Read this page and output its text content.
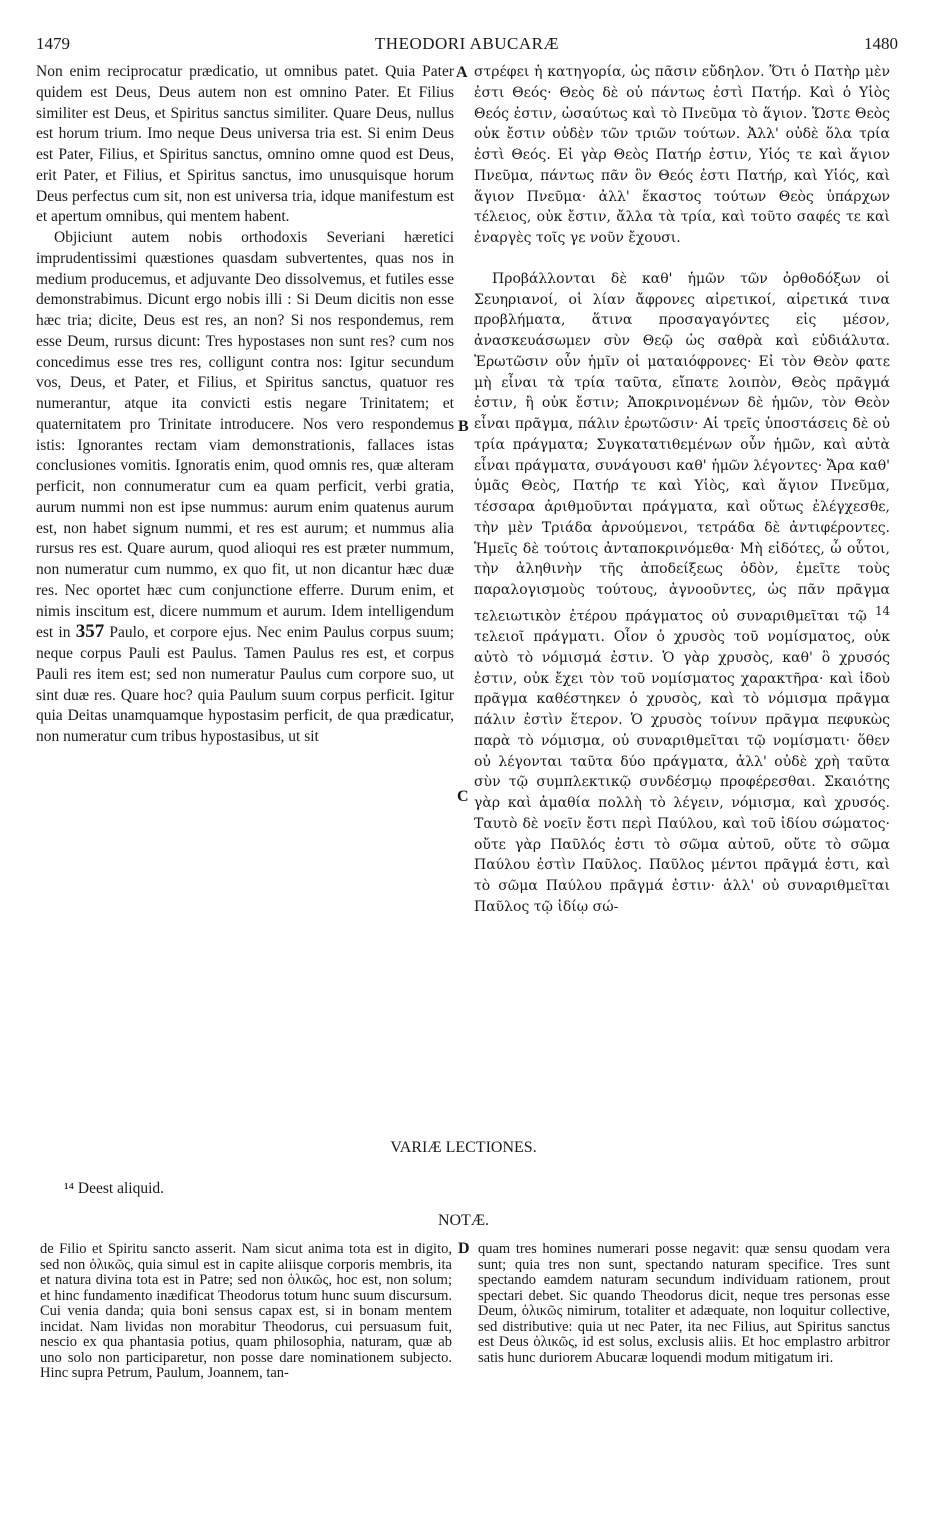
1479	THEODORI ABUCARÆ	1480

Non enim reciprocatur prædicatio, ut omnibus patet. Quia Pater quidem est Deus, Deus autem non est omnino Pater. Et Filius similiter est Deus, et Spiritus sanctus similiter. Quare Deus, nullus est horum trium. Imo neque Deus universa tria est. Si enim Deus est Pater, Filius, et Spiritus sanctus, omnino omne quod est Deus, erit Pater, et Filius, et Spiritus sanctus, imo unusquisque horum Deus perfectus cum sit, non est universa tria, idque manifestum est et apertum omnibus, qui mentem habent.

Objiciunt autem nobis orthodoxis Severiani hæretici imprudentissimi quæstiones quasdam subvertentes, quas nos in medium producemus, et adjuvante Deo dissolvemus, et futiles esse demonstrabimus. Dicunt ergo nobis illi : Si Deum dicitis non esse hæc tria; dicite, Deus est res, an non? Si nos respondemus, rem esse Deum, rursus dicunt: Tres hypostases non sunt res? cum nos concedimus esse tres res, colligunt contra nos: Igitur secundum vos, Deus, et Pater, et Filius, et Spiritus sanctus, quatuor res numerantur, atque ita convicti estis negare Trinitatem; et quaternitatem pro Trinitate introducere. Nos vero respondemus istis: Ignorantes rectam viam demonstrationis, fallaces istas conclusiones vomitis. Ignoratis enim, quod omnis res, quæ alteram perficit, non connumeratur cum ea quam perficit, verbi gratia, aurum nummi non est ipse nummus: aurum enim quatenus aurum est, non habet signum nummi, et res est aurum; et nummus alia rursus res est. Quare aurum, quod alioqui res est præter nummum, non numeratur cum nummo, ex quo fit, ut non dicantur hæc duæ res. Nec oportet hæc cum conjunctione efferre. Durum enim, et nimis inscitum est, dicere nummum et aurum. Idem intelligendum est in 357 Paulo, et corpore ejus. Nec enim Paulus corpus suum; neque corpus Pauli est Paulus. Tamen Paulus res est, et corpus Pauli res item est; sed non numeratur Paulus cum corpore suo, ut sint duæ res. Quare hoc? quia Paulum suum corpus perficit. Igitur quia Deitas unamquamque hypostasim perficit, de qua prædicatur, non numeratur cum tribus hypostasibus, ut sit

A
B
C
D

στρέφει ἡ κατηγορία, ὡς πᾶσιν εὔδηλον. Ὅτι ὁ Πατὴρ μὲν ἐστι Θεός· Θεὸς δὲ οὐ πάντως ἐστὶ Πατήρ. Καὶ ὁ Υἱὸς Θεός ἐστιν, ὡσαύτως καὶ τὸ Πνεῦμα τὸ ἅγιον. Ὥστε Θεὸς οὐκ ἔστιν οὐδὲν τῶν τριῶν τούτων. Ἀλλ' οὐδὲ ὅλα τρία ἐστὶ Θεός. Εἰ γὰρ Θεὸς Πατήρ ἐστιν, Υἱός τε καὶ ἅγιον Πνεῦμα, πάντως πᾶν ὃν Θεός ἐστι Πατήρ, καὶ Υἱός, καὶ ἅγιον Πνεῦμα· ἀλλ' ἕκαστος τούτων Θεὸς ὑπάρχων τέλειος, οὐκ ἔστιν, ἄλλα τὰ τρία, καὶ τοῦτο σαφές τε καὶ ἐναργὲς τοῖς γε νοῦν ἔχουσι.

Προβάλλονται δὲ καθ' ἡμῶν τῶν ὀρθοδόξων οἱ Σευηριανοί, οἱ λίαν ἄφρονες αἱρετικοί, αἱρετικά τινα προβλήματα, ἅτινα προσαγαγόντες εἰς μέσον, ἀνασκευάσωμεν σὺν Θεῷ ὡς σαθρὰ καὶ εὐδιάλυτα. Ἐρωτῶσιν οὖν ἡμῖν οἱ ματαιόφρονες· Εἰ τὸν Θεὸν φατε μὴ εἶναι τὰ τρία ταῦτα, εἴπατε λοιπὸν, Θεὸς πρᾶγμά ἐστιν, ἢ οὐκ ἔστιν; Ἀποκρινομένων δὲ ἡμῶν, τὸν Θεὸν εἶναι πρᾶγμα, πάλιν ἐρωτῶσιν· Αἱ τρεῖς ὑποστάσεις δὲ οὐ τρία πράγματα; Συγκατατιθεμένων οὖν ἡμῶν, καὶ αὐτὰ εἶναι πράγματα, συνάγουσι καθ' ἡμῶν λέγοντες· Ἄρα καθ' ὑμᾶς Θεὸς, Πατήρ τε καὶ Υἱὸς, καὶ ἅγιον Πνεῦμα, τέσσαρα ἀριθμοῦνται πράγματα, καὶ οὕτως ἐλέγχεσθε, τὴν μὲν Τριάδα ἀρνούμενοι, τετράδα δὲ ἀντιφέροντες. Ἡμεῖς δὲ τούτοις ἀνταποκρινόμεθα· Μὴ εἰδότες, ὦ οὗτοι, τὴν ἀληθινὴν τῆς ἀποδείξεως ὁδὸν, ἐμεῖτε τοὺς παραλογισμοὺς τούτους, ἀγνοοῦντες, ὡς πᾶν πρᾶγμα τελειωτικὸν ἑτέρου πράγματος οὐ συναριθμεῖται τῷ $^{14}$ τελειοῖ πράγματι. Οἷον ὁ χρυσὸς τοῦ νομίσματος, οὐκ αὐτὸ τὸ νόμισμά ἐστιν. Ὁ γὰρ χρυσὸς, καθ' ὃ χρυσός ἐστιν, οὐκ ἔχει τὸν τοῦ νομίσματος χαρακτῆρα· καὶ ἰδοὺ πρᾶγμα καθέστηκεν ὁ χρυσὸς, καὶ τὸ νόμισμα πρᾶγμα πάλιν ἐστὶν ἕτερον. Ὁ χρυσὸς τοίνυν πρᾶγμα πεφυκὼς παρὰ τὸ νόμισμα, οὐ συναριθμεῖται τῷ νομίσματι· ὅθεν οὐ λέγονται ταῦτα δύο πράγματα, ἀλλ' οὐδὲ χρὴ ταῦτα σὺν τῷ συμπλεκτικῷ συνδέσμῳ προφέρεσθαι. Σκαιότης γὰρ καὶ ἀμαθία πολλὴ τὸ λέγειν, νόμισμα, καὶ χρυσός. Ταυτὸ δὲ νοεῖν ἔστι περὶ Παύλου, καὶ τοῦ ἰδίου σώματος· οὔτε γὰρ Παῦλός ἐστι τὸ σῶμα αὐτοῦ, οὔτε τὸ σῶμα Παύλου ἐστὶν Παῦλος. Παῦλος μέντοι πρᾶγμά ἐστι, καὶ τὸ σῶμα Παύλου πρᾶγμά ἐστιν· ἀλλ' οὐ συναριθμεῖται Παῦλος τῷ ἰδίῳ σώ-

VARIÆ LECTIONES.
¹⁴ Deest aliquid.
NOTÆ.

de Filio et Spiritu sancto asserit. Nam sicut anima tota est in digito, sed non ὁλικῶς, quia simul est in capite aliisque corporis membris, ita et natura divina tota est in Patre; sed non ὁλικῶς, hoc est, non solum; et hinc fundamento inædificat Theodorus totum hunc suum discursum. Cui venia danda; quia boni sensus capax est, si in bonam mentem incidat. Nam lividas non morabitur Theodorus, cui persuasum fuit, nescio ex qua phantasia potius, quam philosophia, naturam, quæ ab uno solo non participaretur, non posse dare nominationem subjecto. Hinc supra Petrum, Paulum, Joannem, tan-

quam tres homines numerari posse negavit: quæ sensu quodam vera sunt; quia tres non sunt, spectando naturam specifice. Tres sunt spectando eamdem naturam secundum individuam rationem, prout spectari debet. Sic quando Theodorus dicit, neque tres personas esse Deum, ὁλικῶς nimirum, totaliter et adæquate, non loquitur collective, sed distributive: quia ut nec Pater, ita nec Filius, aut Spiritus sanctus est Deus ὁλικῶς, id est solus, exclusis aliis. Et hoc emplastro arbitror satis hunc duriorem Abucaræ loquendi modum mitigatum iri.
